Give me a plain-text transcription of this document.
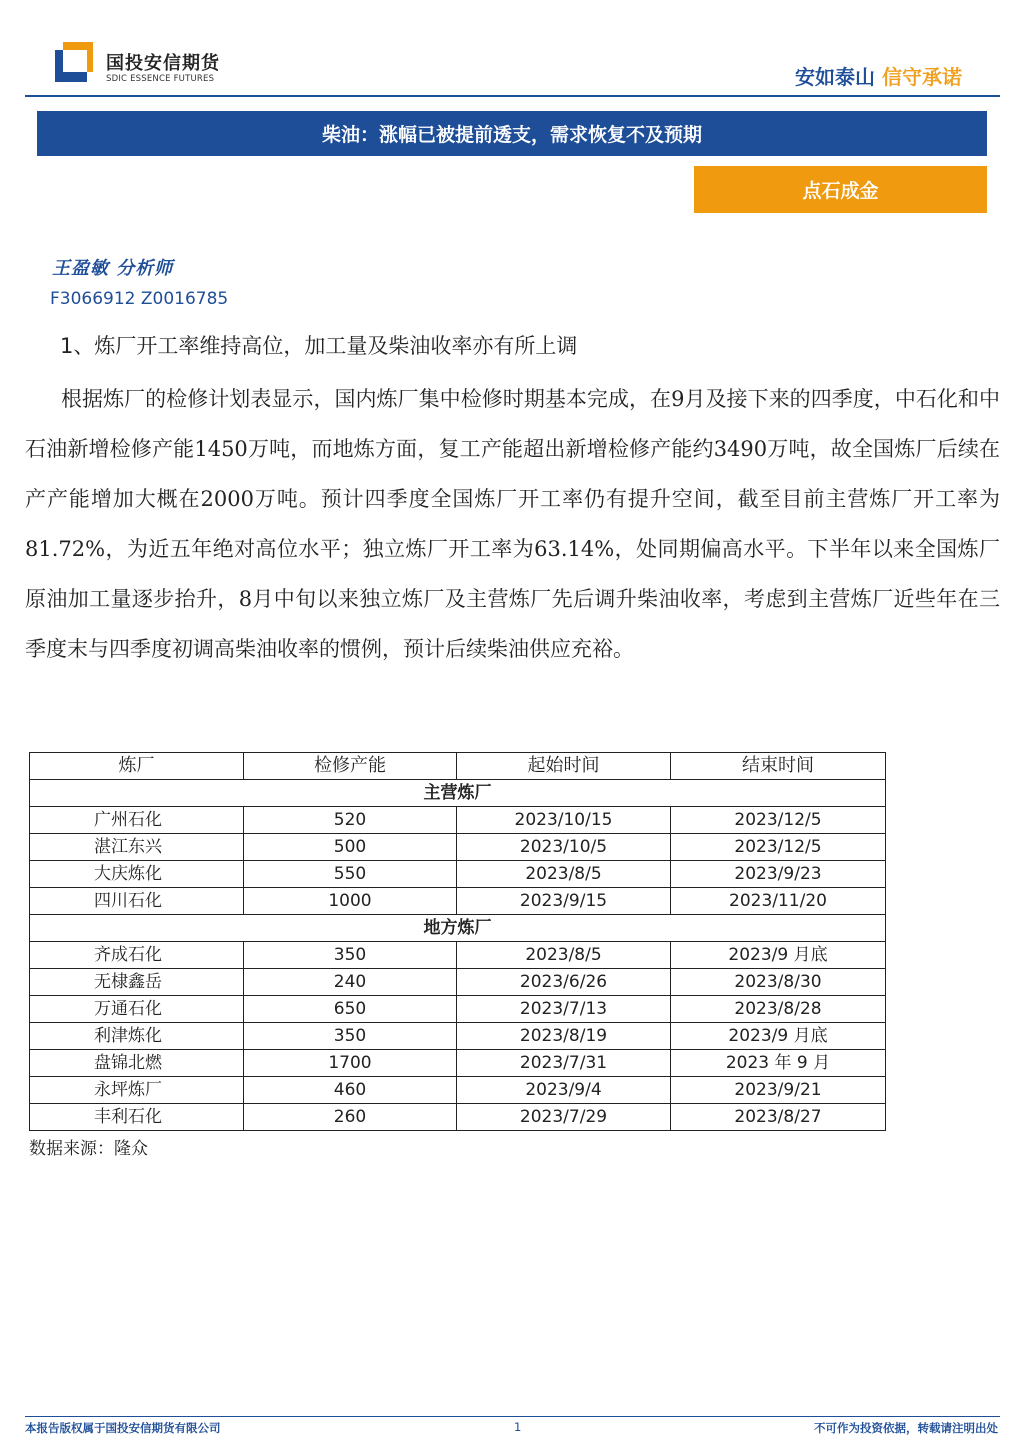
国投安信期货
SDIC ESSENCE FUTURES	安如泰山 信守承诺
柴油：涨幅已被提前透支，需求恢复不及预期
点石成金
王盈敏 分析师
F3066912 Z0016785
1、炼厂开工率维持高位，加工量及柴油收率亦有所上调

根据炼厂的检修计划表显示，国内炼厂集中检修时期基本完成，在9月及接下来的四季度，中石化和中石油新增检修产能1450万吨，而地炼方面，复工产能超出新增检修产能约3490万吨，故全国炼厂后续在产产能增加大概在2000万吨。预计四季度全国炼厂开工率仍有提升空间，截至目前主营炼厂开工率为81.72%，为近五年绝对高位水平；独立炼厂开工率为63.14%，处同期偏高水平。下半年以来全国炼厂原油加工量逐步抬升，8月中旬以来独立炼厂及主营炼厂先后调升柴油收率，考虑到主营炼厂近些年在三季度末与四季度初调高柴油收率的惯例，预计后续柴油供应充裕。

炼厂	检修产能	起始时间	结束时间
主营炼厂			
广州石化	520	2023/10/15	2023/12/5
湛江东兴	500	2023/10/5	2023/12/5
大庆炼化	550	2023/8/5	2023/9/23
四川石化	1000	2023/9/15	2023/11/20
地方炼厂			
齐成石化	350	2023/8/5	2023/9 月底
无棣鑫岳	240	2023/6/26	2023/8/30
万通石化	650	2023/7/13	2023/8/28
利津炼化	350	2023/8/19	2023/9 月底
盘锦北燃	1700	2023/7/31	2023 年 9 月
永坪炼厂	460	2023/9/4	2023/9/21
丰利石化	260	2023/7/29	2023/8/27
数据来源：隆众
本报告版权属于国投安信期货有限公司	1	不可作为投资依据，转载请注明出处
